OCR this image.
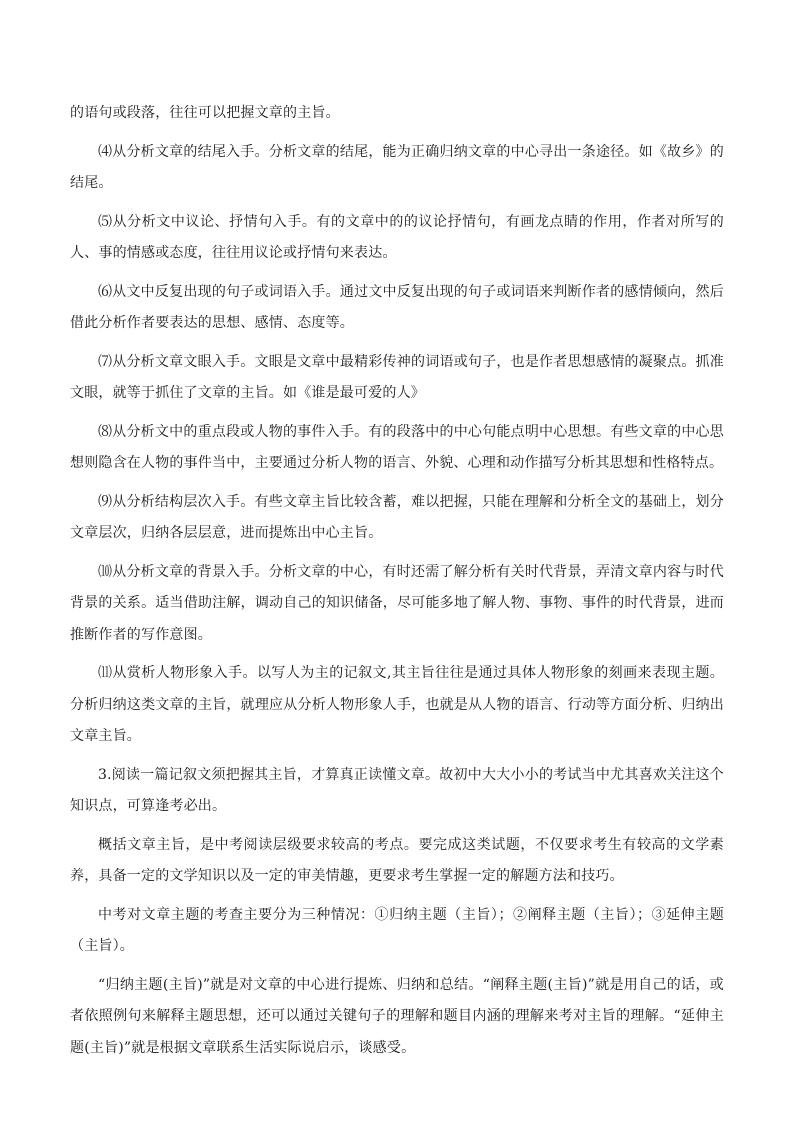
的语句或段落，往往可以把握文章的主旨。

⑷从分析文章的结尾入手。分析文章的结尾，能为正确归纳文章的中心寻出一条途径。如《故乡》的结尾。

⑸从分析文中议论、抒情句入手。有的文章中的的议论抒情句，有画龙点睛的作用，作者对所写的人、事的情感或态度，往往用议论或抒情句来表达。

⑹从文中反复出现的句子或词语入手。通过文中反复出现的句子或词语来判断作者的感情倾向，然后借此分析作者要表达的思想、感情、态度等。

⑺从分析文章文眼入手。文眼是文章中最精彩传神的词语或句子，也是作者思想感情的凝聚点。抓准文眼，就等于抓住了文章的主旨。如《谁是最可爱的人》

⑻从分析文中的重点段或人物的事件入手。有的段落中的中心句能点明中心思想。有些文章的中心思想则隐含在人物的事件当中，主要通过分析人物的语言、外貌、心理和动作描写分析其思想和性格特点。

⑼从分析结构层次入手。有些文章主旨比较含蓄，难以把握，只能在理解和分析全文的基础上，划分文章层次，归纳各层层意，进而提炼出中心主旨。

⑽从分析文章的背景入手。分析文章的中心，有时还需了解分析有关时代背景，弄清文章内容与时代背景的关系。适当借助注解，调动自己的知识储备，尽可能多地了解人物、事物、事件的时代背景，进而推断作者的写作意图。

⑾从赏析人物形象入手。以写人为主的记叙文,其主旨往往是通过具体人物形象的刻画来表现主题。分析归纳这类文章的主旨，就理应从分析人物形象人手，也就是从人物的语言、行动等方面分析、归纳出文章主旨。

3.阅读一篇记叙文须把握其主旨，才算真正读懂文章。故初中大大小小的考试当中尤其喜欢关注这个知识点，可算逢考必出。

概括文章主旨，是中考阅读层级要求较高的考点。要完成这类试题，不仅要求考生有较高的文学素养，具备一定的文学知识以及一定的审美情趣，更要求考生掌握一定的解题方法和技巧。

中考对文章主题的考查主要分为三种情况：①归纳主题（主旨）；②阐释主题（主旨）；③延伸主题（主旨）。

“归纳主题(主旨)”就是对文章的中心进行提炼、归纳和总结。“阐释主题(主旨)”就是用自己的话，或者依照例句来解释主题思想，还可以通过关键句子的理解和题目内涵的理解来考对主旨的理解。“延伸主题(主旨)”就是根据文章联系生活实际说启示，谈感受。
